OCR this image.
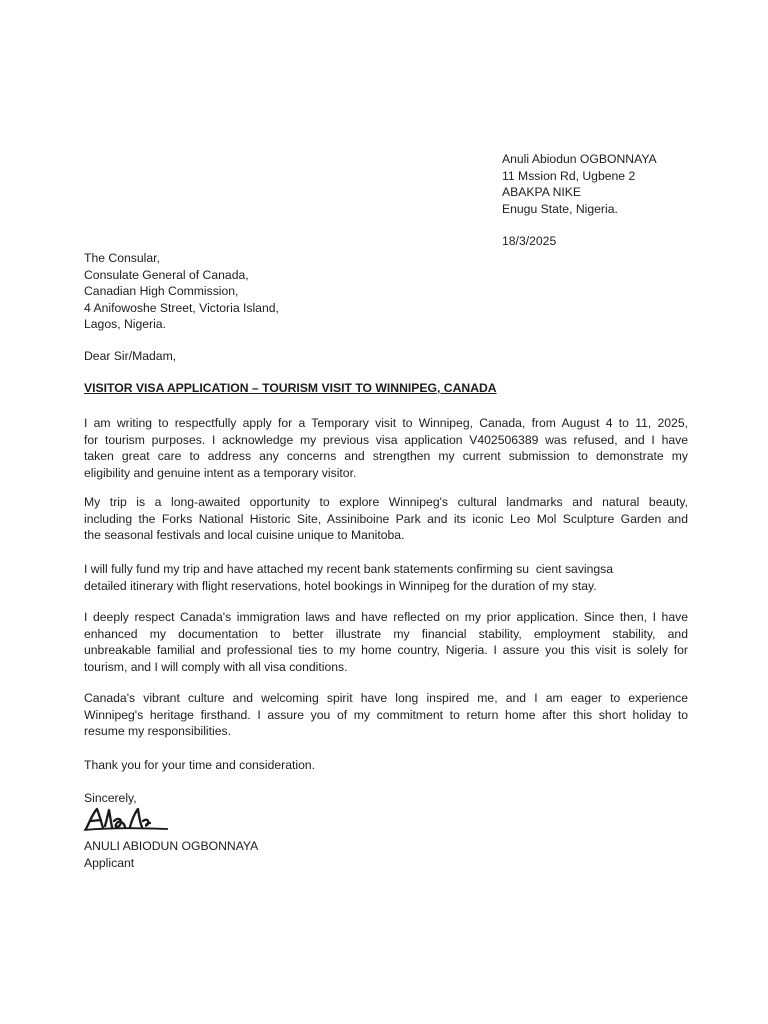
Anuli Abiodun OGBONNAYA
11 Mssion Rd, Ugbene 2
ABAKPA NIKE
Enugu State, Nigeria.
18/3/2025
The Consular,
Consulate General of Canada,
Canadian High Commission,
4 Anifowoshe Street, Victoria Island,
Lagos, Nigeria.
Dear Sir/Madam,
VISITOR VISA APPLICATION – TOURISM VISIT TO WINNIPEG, CANADA
I am writing to respectfully apply for a Temporary visit to Winnipeg, Canada, from August 4 to 11, 2025,
for tourism purposes. I acknowledge my previous visa application V402506389 was refused, and I have
taken great care to address any concerns and strengthen my current submission to demonstrate my
eligibility and genuine intent as a temporary visitor.
My trip is a long-awaited opportunity to explore Winnipeg's cultural landmarks and natural beauty,
including the Forks National Historic Site, Assiniboine Park and its iconic Leo Mol Sculpture Garden and
the seasonal festivals and local cuisine unique to Manitoba.
I will fully fund my trip and have attached my recent bank statements confirming su  cient savingsa
detailed itinerary with flight reservations, hotel bookings in Winnipeg for the duration of my stay.
I deeply respect Canada's immigration laws and have reflected on my prior application. Since then, I have
enhanced my documentation to better illustrate my financial stability, employment stability, and
unbreakable familial and professional ties to my home country, Nigeria. I assure you this visit is solely for
tourism, and I will comply with all visa conditions.
Canada's vibrant culture and welcoming spirit have long inspired me, and I am eager to experience
Winnipeg's heritage firsthand. I assure you of my commitment to return home after this short holiday to
resume my responsibilities.
Thank you for your time and consideration.
Sincerely,
ANULI ABIODUN OGBONNAYA
Applicant
